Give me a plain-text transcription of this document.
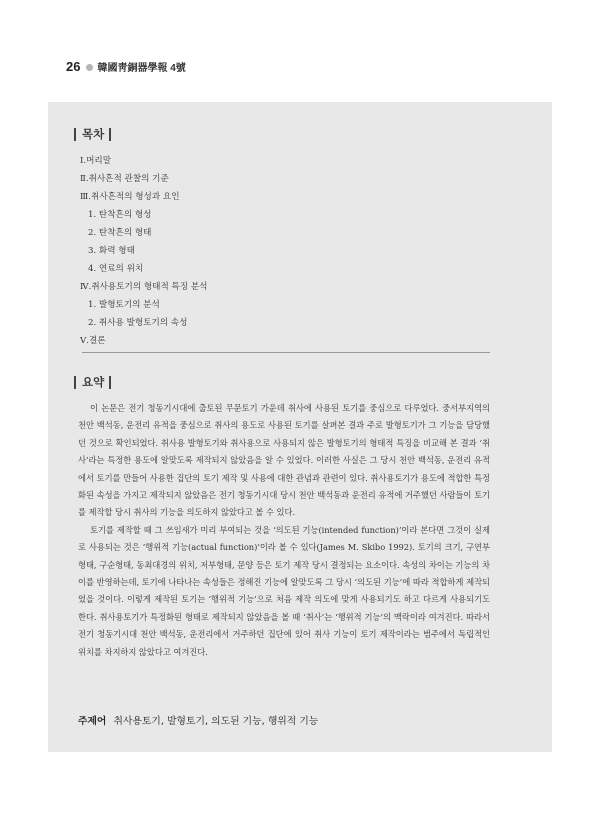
26 韓國靑銅器學報 4號
목차
Ⅰ.머리말
Ⅱ.취사흔적 관찰의 기준
Ⅲ.취사흔적의 형성과 요인
1. 탄착흔의 형성
2. 탄착흔의 형태
3. 화력 형태
4. 연료의 위치
Ⅳ.취사용토기의 형태적 특징 분석
1. 발형토기의 분석
2. 취사용 발형토기의 속성
Ⅴ.결론
요약

이 논문은 전기 청동기시대에 출토된 무문토기 가운데 취사에 사용된 토기를 중심으로 다루었다. 중서부지역의 천안 백석동, 운전리 유적을 중심으로 취사의 용도로 사용된 토기를 살펴본 결과 주로 발형토기가 그 기능을 담당했던 것으로 확인되었다. 취사용 발형토기와 취사용으로 사용되지 않은 발형토기의 형태적 특징을 비교해 본 결과 ‘취사’라는 특정한 용도에 알맞도록 제작되지 않았음을 알 수 있었다. 이러한 사실은 그 당시 천안 백석동, 운전리 유적에서 토기를 만들어 사용한 집단의 토기 제작 및 사용에 대한 관념과 관련이 있다. 취사용토기가 용도에 적합한 특정화된 속성을 가지고 제작되지 않았음은 전기 청동기시대 당시 천안 백석동과 운전리 유적에 거주했던 사람들이 토기를 제작할 당시 취사의 기능을 의도하지 않았다고 볼 수 있다.

토기를 제작할 때 그 쓰임새가 미리 부여되는 것을 ‘의도된 기능(intended function)’이라 본다면 그것이 실제로 사용되는 것은 ‘행위적 기능(actual function)’이라 볼 수 있다(James M. Skibo 1992). 토기의 크기, 구연부형태, 구순형태, 동최대경의 위치, 저부형태, 문양 등은 토기 제작 당시 결정되는 요소이다. 속성의 차이는 기능의 차이를 반영하는데, 토기에 나타나는 속성들은 정해진 기능에 알맞도록 그 당시 ‘의도된 기능’에 따라 적합하게 제작되었을 것이다. 이렇게 제작된 토기는 ‘행위적 기능’으로 처음 제작 의도에 맞게 사용되기도 하고 다르게 사용되기도 한다. 취사용토기가 특정화된 형태로 제작되지 않았음을 볼 때 ‘취사’는 ‘행위적 기능’의 맥락이라 여겨진다. 따라서 전기 청동기시대 천안 백석동, 운전리에서 거주하던 집단에 있어 취사 기능이 토기 제작이라는 범주에서 독립적인 위치를 차지하지 않았다고 여겨진다.

주제어 취사용토기, 발형토기, 의도된 기능, 행위적 기능
